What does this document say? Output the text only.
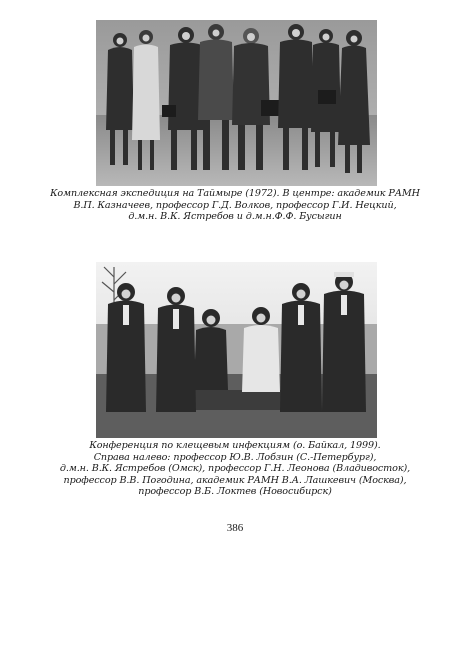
Комплексная экспедиция на Таймыре (1972). В центре: академик РАМН
В.П. Казначеев, профессор Г.Д. Волков, профессор Г.И. Нецкий,
д.м.н. В.К. Ястребов и д.м.н.Ф.Ф. Бусыгин
Конференция по клещевым инфекциям (о. Байкал, 1999).
Справа налево: профессор Ю.В. Лобзин (С.-Петербург),
д.м.н. В.К. Ястребов (Омск), профессор Г.Н. Леонова (Владивосток),
профессор В.В. Погодина, академик РАМН В.А. Лашкевич (Москва),
профессор В.Б. Локтев (Новосибирск)
386
